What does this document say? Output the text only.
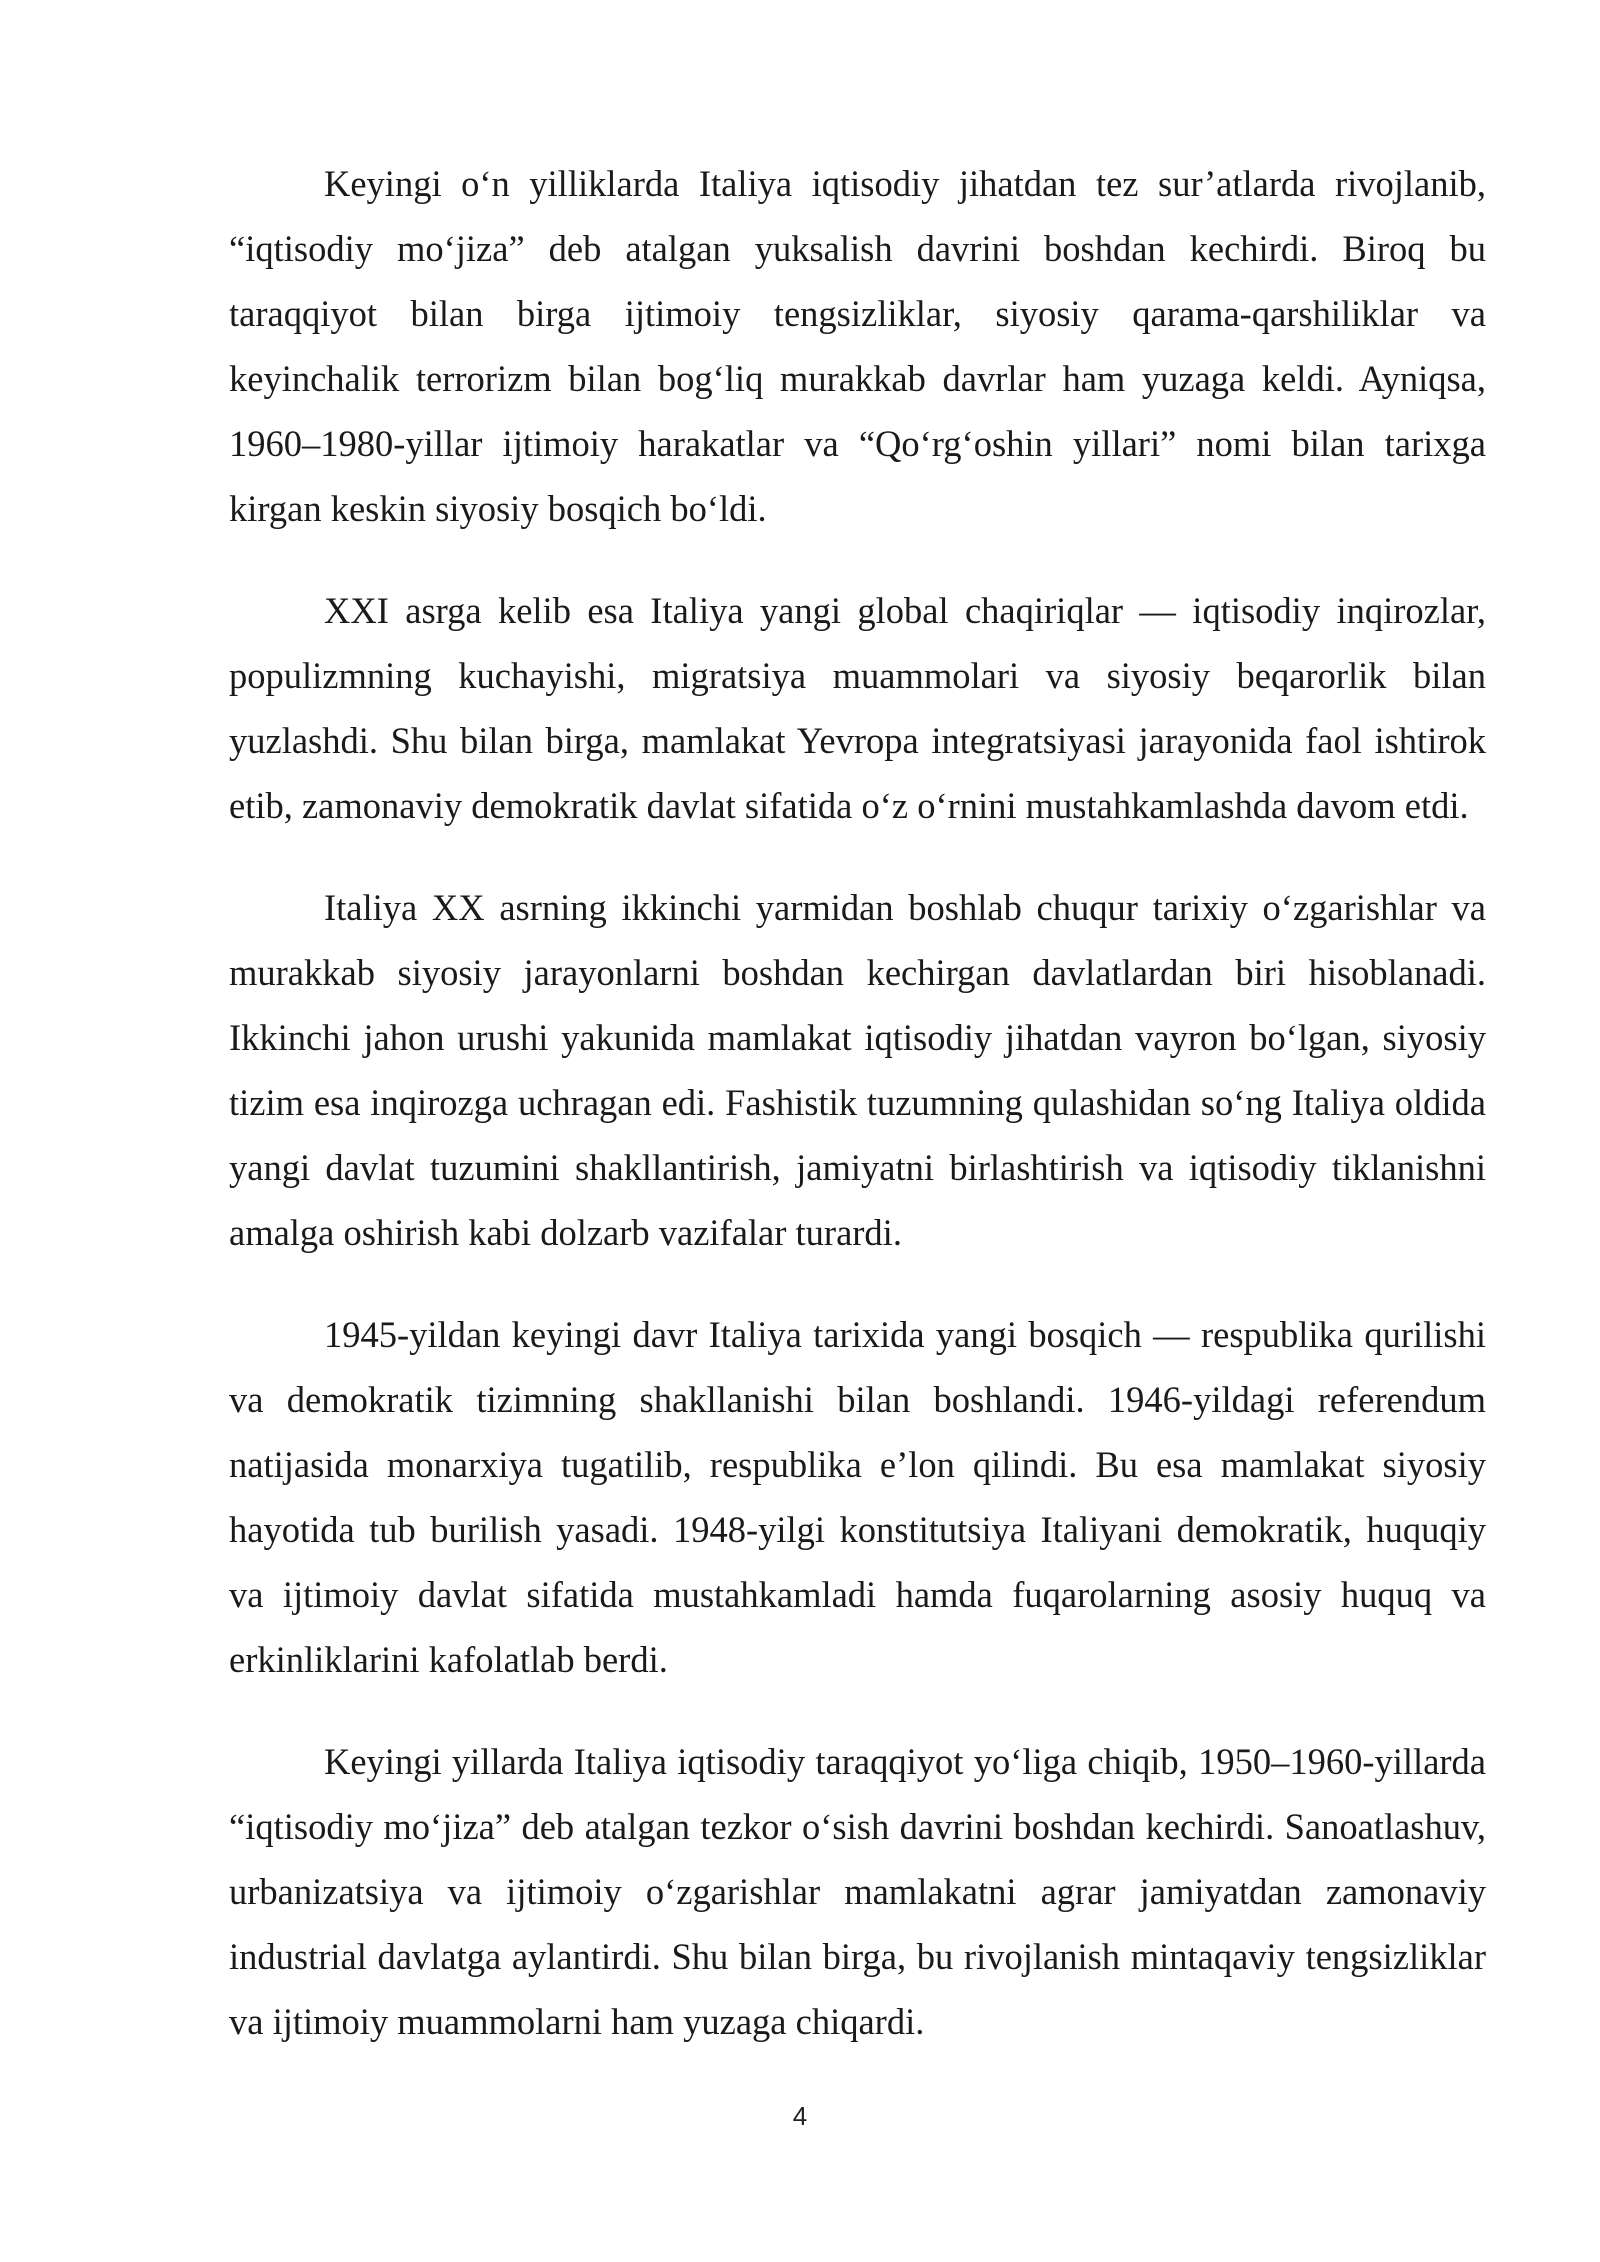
Keyingi o‘n yilliklarda Italiya iqtisodiy jihatdan tez sur’atlarda rivojlanib, “iqtisodiy mo‘jiza” deb atalgan yuksalish davrini boshdan kechirdi. Biroq bu taraqqiyot bilan birga ijtimoiy tengsizliklar, siyosiy qarama-qarshiliklar va keyinchalik terrorizm bilan bog‘liq murakkab davrlar ham yuzaga keldi. Ayniqsa, 1960–1980-yillar ijtimoiy harakatlar va “Qo‘rg‘oshin yillari” nomi bilan tarixga kirgan keskin siyosiy bosqich bo‘ldi.

XXI asrga kelib esa Italiya yangi global chaqiriqlar — iqtisodiy inqirozlar, populizmning kuchayishi, migratsiya muammolari va siyosiy beqarorlik bilan yuzlashdi. Shu bilan birga, mamlakat Yevropa integratsiyasi jarayonida faol ishtirok etib, zamonaviy demokratik davlat sifatida o‘z o‘rnini mustahkamlashda davom etdi.

Italiya XX asrning ikkinchi yarmidan boshlab chuqur tarixiy o‘zgarishlar va murakkab siyosiy jarayonlarni boshdan kechirgan davlatlardan biri hisoblanadi. Ikkinchi jahon urushi yakunida mamlakat iqtisodiy jihatdan vayron bo‘lgan, siyosiy tizim esa inqirozga uchragan edi. Fashistik tuzumning qulashidan so‘ng Italiya oldida yangi davlat tuzumini shakllantirish, jamiyatni birlashtirish va iqtisodiy tiklanishni amalga oshirish kabi dolzarb vazifalar turardi.

1945-yildan keyingi davr Italiya tarixida yangi bosqich — respublika qurilishi va demokratik tizimning shakllanishi bilan boshlandi. 1946-yildagi referendum natijasida monarxiya tugatilib, respublika e’lon qilindi. Bu esa mamlakat siyosiy hayotida tub burilish yasadi. 1948-yilgi konstitutsiya Italiyani demokratik, huquqiy va ijtimoiy davlat sifatida mustahkamladi hamda fuqarolarning asosiy huquq va erkinliklarini kafolatlab berdi.

Keyingi yillarda Italiya iqtisodiy taraqqiyot yo‘liga chiqib, 1950–1960-yillarda “iqtisodiy mo‘jiza” deb atalgan tezkor o‘sish davrini boshdan kechirdi. Sanoatlashuv, urbanizatsiya va ijtimoiy o‘zgarishlar mamlakatni agrar jamiyatdan zamonaviy industrial davlatga aylantirdi. Shu bilan birga, bu rivojlanish mintaqaviy tengsizliklar va ijtimoiy muammolarni ham yuzaga chiqardi.

4
